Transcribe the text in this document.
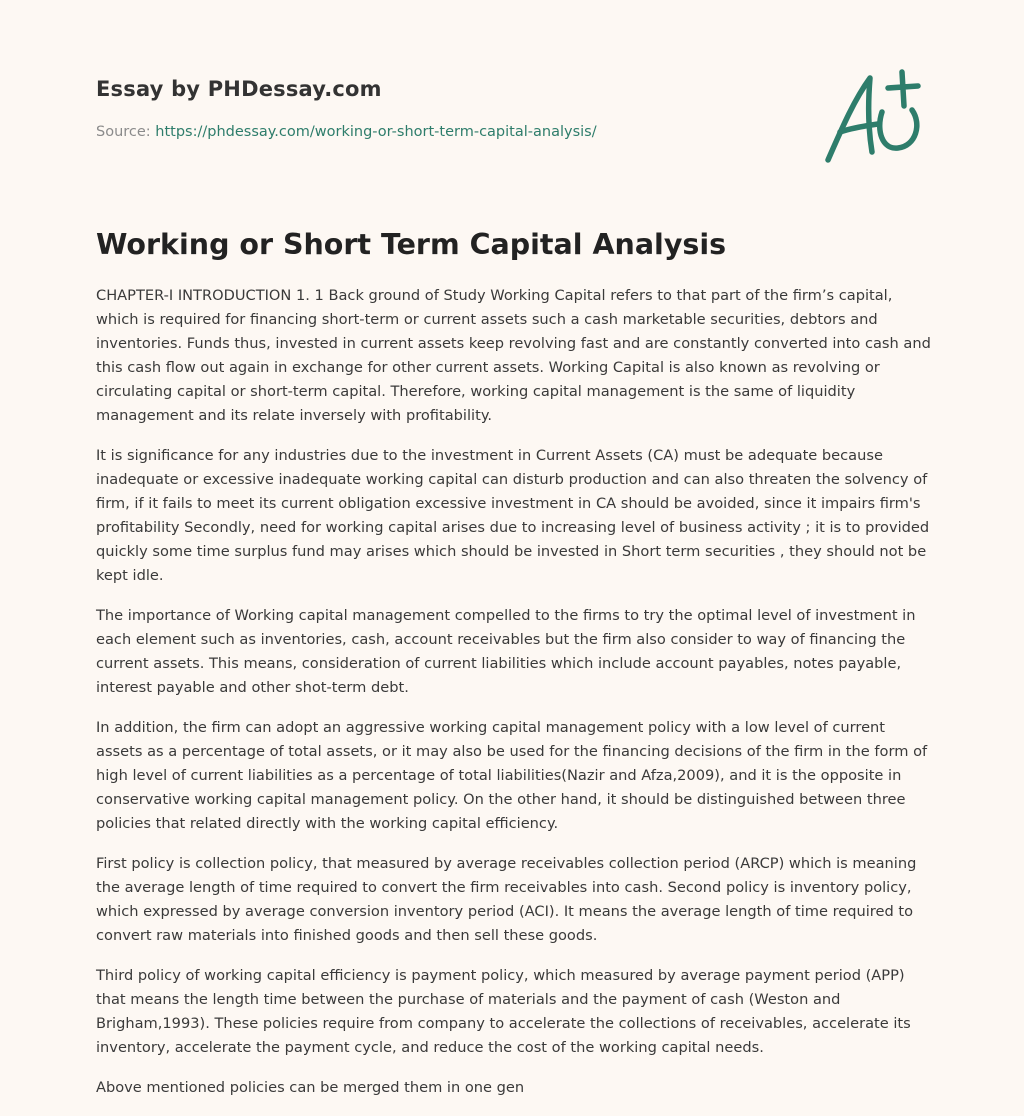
Essay by PHDessay.com
Source: https://phdessay.com/working-or-short-term-capital-analysis/
Working or Short Term Capital Analysis

CHAPTER-I INTRODUCTION 1. 1 Back ground of Study Working Capital refers to that part of the firm’s capital, which is required for financing short-term or current assets such a cash marketable securities, debtors and inventories. Funds thus, invested in current assets keep revolving fast and are constantly converted into cash and this cash flow out again in exchange for other current assets. Working Capital is also known as revolving or circulating capital or short-term capital. Therefore, working capital management is the same of liquidity management and its relate inversely with profitability.

It is significance for any industries due to the investment in Current Assets (CA) must be adequate because inadequate or excessive inadequate working capital can disturb production and can also threaten the solvency of firm, if it fails to meet its current obligation excessive investment in CA should be avoided, since it impairs firm's profitability Secondly, need for working capital arises due to increasing level of business activity ; it is to provided quickly some time surplus fund may arises which should be invested in Short term securities , they should not be kept idle.

The importance of Working capital management compelled to the firms to try the optimal level of investment in each element such as inventories, cash, account receivables but the firm also consider to way of financing the current assets. This means, consideration of current liabilities which include account payables, notes payable, interest payable and other shot-term debt.

In addition, the firm can adopt an aggressive working capital management policy with a low level of current assets as a percentage of total assets, or it may also be used for the financing decisions of the firm in the form of high level of current liabilities as a percentage of total liabilities(Nazir and Afza,2009), and it is the opposite in conservative working capital management policy. On the other hand, it should be distinguished between three policies that related directly with the working capital efficiency.

First policy is collection policy, that measured by average receivables collection period (ARCP) which is meaning the average length of time required to convert the firm receivables into cash. Second policy is inventory policy, which expressed by average conversion inventory period (ACI). It means the average length of time required to convert raw materials into finished goods and then sell these goods.

Third policy of working capital efficiency is payment policy, which measured by average payment period (APP) that means the length time between the purchase of materials and the payment of cash (Weston and Brigham,1993). These policies require from company to accelerate the collections of receivables, accelerate its inventory, accelerate the payment cycle, and reduce the cost of the working capital needs.

Above mentioned policies can be merged them in one gen
